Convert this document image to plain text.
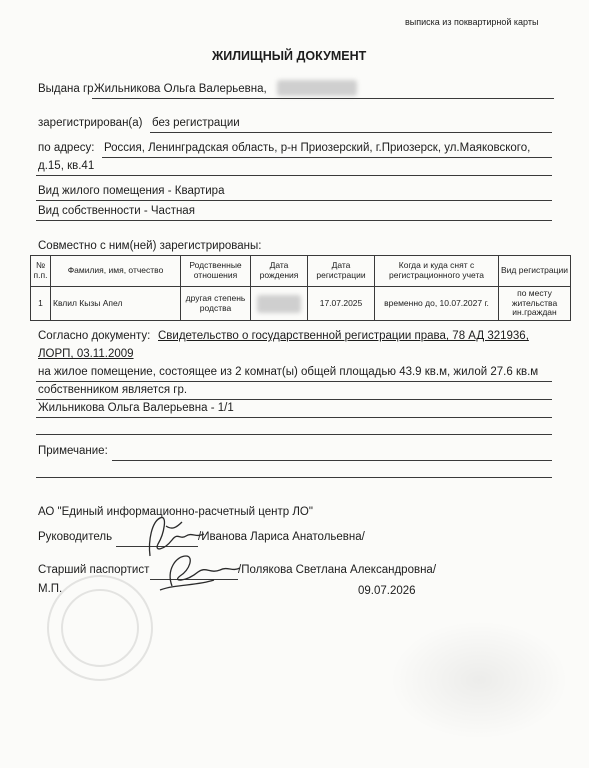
выписка из поквартирной карты
ЖИЛИЩНЫЙ ДОКУМЕНТ
Выдана гр.
Жильникова Ольга Валерьевна,
зарегистрирован(а) без регистрации
по адресу: Россия, Ленинградская область, р-н Приозерский, г.Приозерск, ул.Маяковского,
д.15, кв.41
Вид жилого помещения - Квартира
Вид собственности - Частная
Совместно с ним(ней) зарегистрированы:
№ п.п.	Фамилия, имя, отчество	Родственные отношения	Дата рождения	Дата регистрации	Когда и куда снят с регистрационного учета	Вид регистрации
1	Квлил Кызы Апел	другая степень родства		17.07.2025	временно до, 10.07.2027 г.	по месту жительства ин.граждан
Согласно документу: Свидетельство о государственной регистрации права, 78 АД 321936,
ЛОРП, 03.11.2009
на жилое помещение, состоящее из 2 комнат(ы) общей площадью 43.9 кв.м, жилой 27.6 кв.м
собственником является гр.
Жильникова Ольга Валерьевна - 1/1
Примечание:
АО "Единый информационно-расчетный центр ЛО"
Руководитель	/Иванова Лариса Анатольевна/
Старший паспортист	/Полякова Светлана Александровна/
М.П.	09.07.2026
